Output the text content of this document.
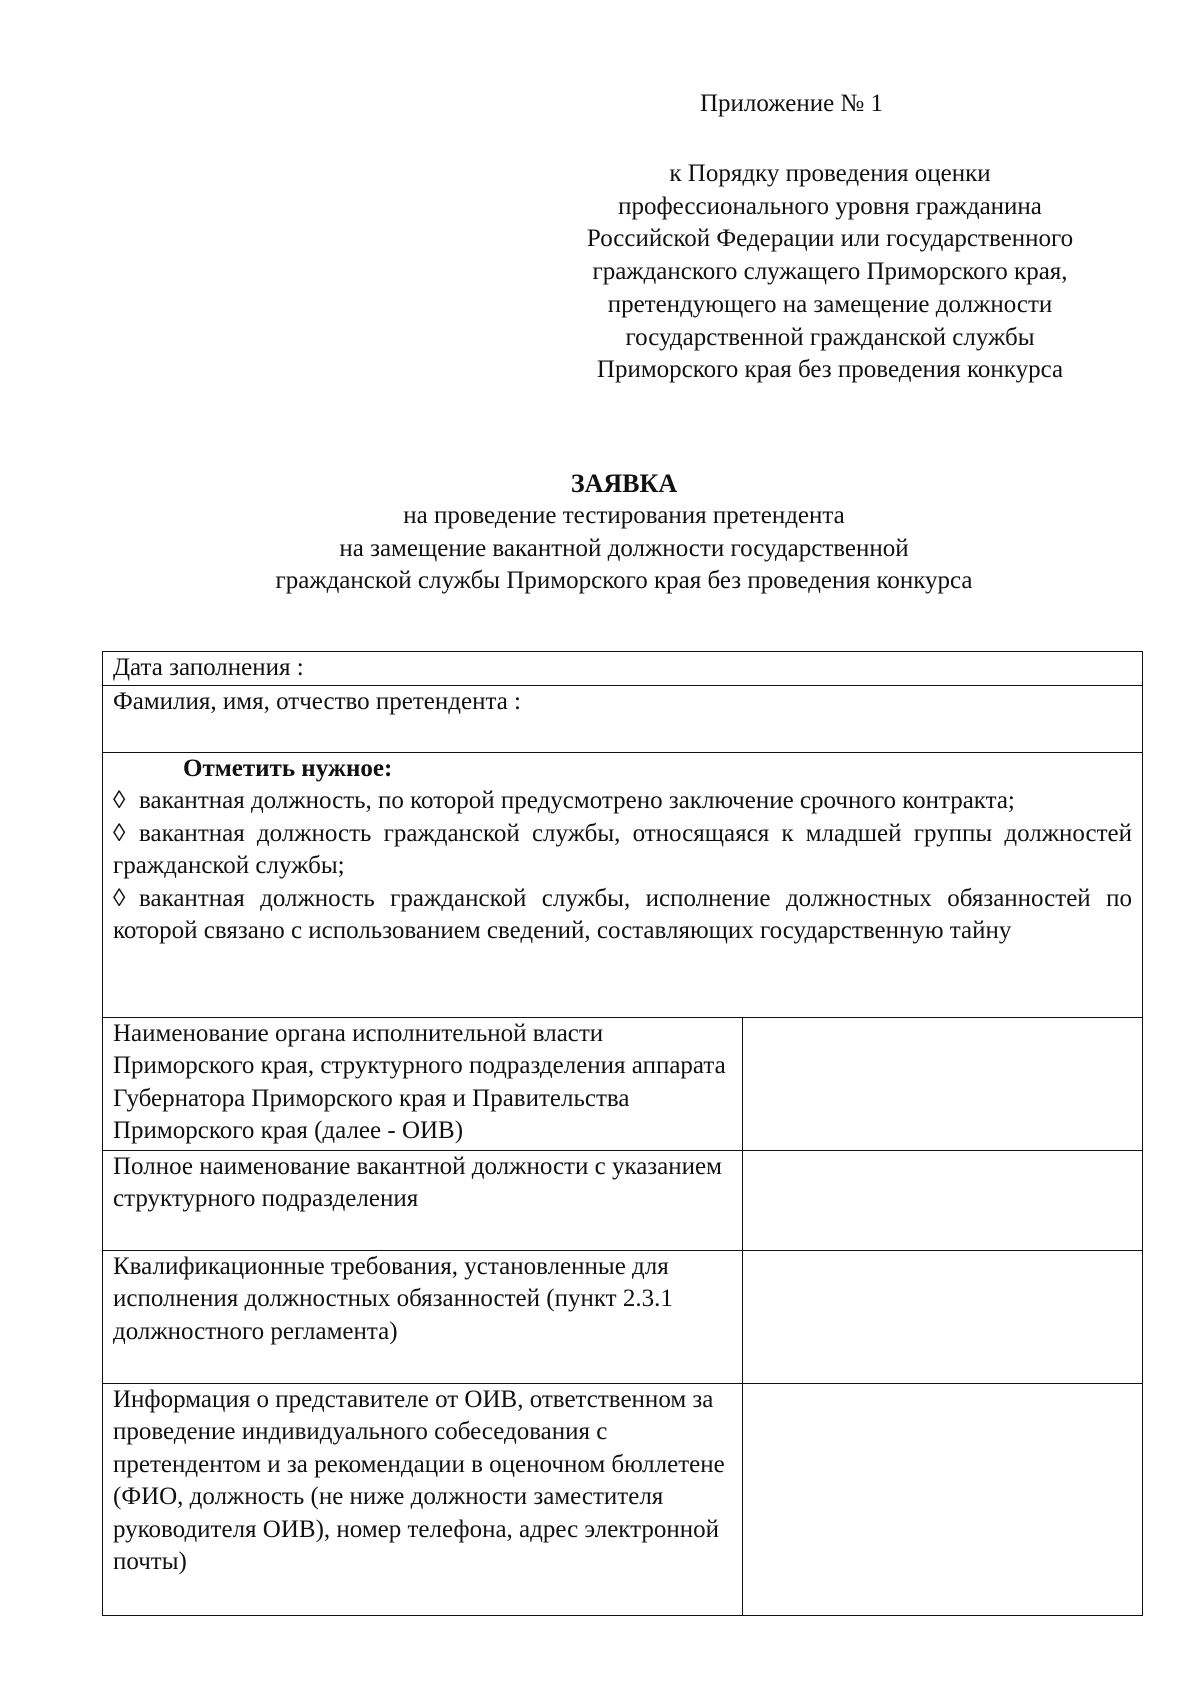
Приложение № 1
к Порядку проведения оценки
профессионального уровня гражданина
Российской Федерации или государственного
гражданского служащего Приморского края,
претендующего на замещение должности
государственной гражданской службы
Приморского края без проведения конкурса
ЗАЯВКА
на проведение тестирования претендента
на замещение вакантной должности государственной
гражданской службы Приморского края без проведения конкурса
Дата заполнения :	
Фамилия, имя, отчество претендента :	

Отметить нужное:
◊ вакантная должность, по которой предусмотрено заключение срочного контракта;
◊ вакантная должность гражданской службы, относящаяся к младшей группы должностей гражданской службы;
◊ вакантная должность гражданской службы, исполнение должностных обязанностей по которой связано с использованием сведений, составляющих государственную тайну	

Наименование органа исполнительной власти Приморского края, структурного подразделения аппарата Губернатора Приморского края и Правительства Приморского края (далее - ОИВ)	
Полное наименование вакантной должности с указанием структурного подразделения	
Квалификационные требования, установленные для исполнения должностных обязанностей (пункт 2.3.1 должностного регламента)	
Информация о представителе от ОИВ, ответственном за проведение индивидуального собеседования с претендентом и за рекомендации в оценочном бюллетене (ФИО, должность (не ниже должности заместителя руководителя ОИВ), номер телефона, адрес электронной почты)	
